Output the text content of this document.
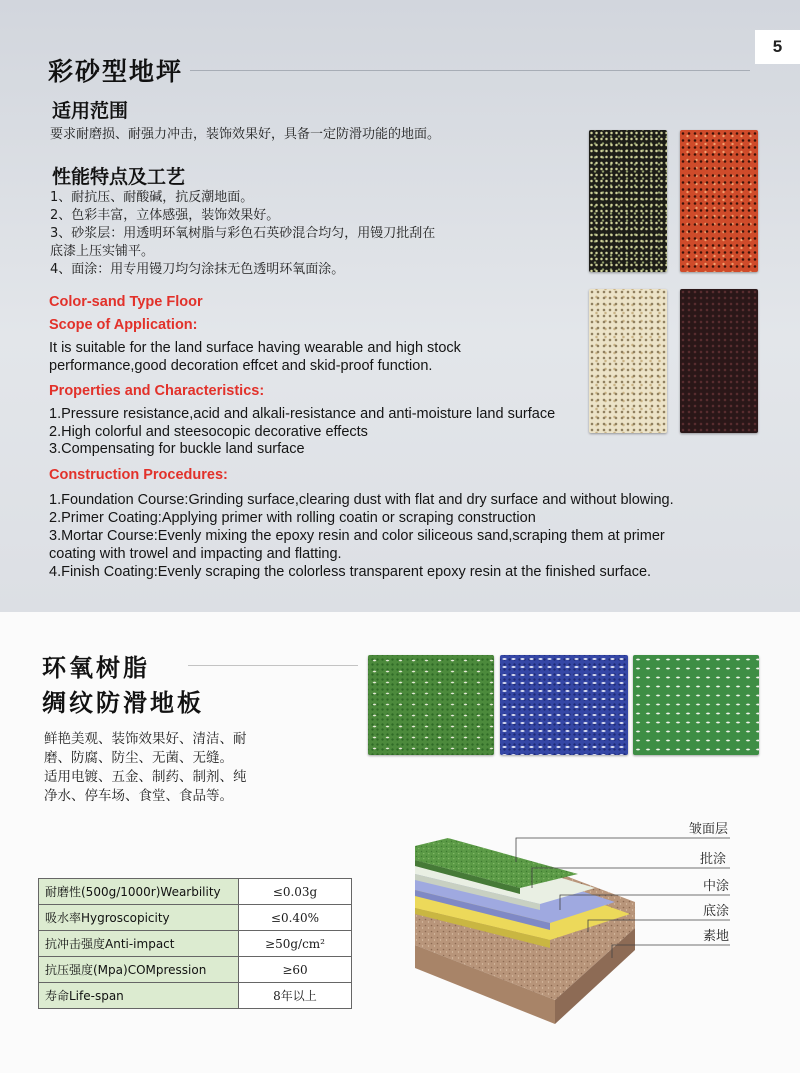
5
彩砂型地坪
适用范围
要求耐磨损、耐强力冲击，装饰效果好，具备一定防滑功能的地面。
性能特点及工艺
1、耐抗压、耐酸碱，抗反潮地面。
2、色彩丰富，立体感强，装饰效果好。
3、砂浆层：用透明环氧树脂与彩色石英砂混合均匀，用镘刀批刮在
底漆上压实铺平。
4、面涂：用专用镘刀均匀涂抹无色透明环氧面涂。
Color-sand Type Floor
Scope of Application:
It is suitable for the land surface having wearable and high stock
performance,good decoration effcet and skid-proof function.
Properties and Characteristics:
1.Pressure resistance,acid and alkali-resistance and anti-moisture land surface
2.High colorful and steesocopic decorative effects
3.Compensating for buckle land surface
Construction Procedures:
1.Foundation Course:Grinding surface,clearing dust with flat and dry surface and without blowing.
2.Primer Coating:Applying primer with rolling coatin or scraping construction
3.Mortar Course:Evenly mixing the epoxy resin and color siliceous sand,scraping them at primer
coating with trowel and impacting and flatting.
4.Finish Coating:Evenly scraping the colorless transparent epoxy resin at the finished surface.
环氧树脂
绸纹防滑地板
鲜艳美观、装饰效果好、清洁、耐
磨、防腐、防尘、无菌、无缝。
适用电镀、五金、制药、制剂、纯
净水、停车场、食堂、食品等。
耐磨性(500g/1000r)Wearbility	≤0.03g
吸水率Hygroscopicity	≤0.40%
抗冲击强度Anti-impact	≥50g/cm²
抗压强度(Mpa)COMpression	≥60
寿命Life-span	8年以上
皱面层
批涂
中涂
底涂
素地
